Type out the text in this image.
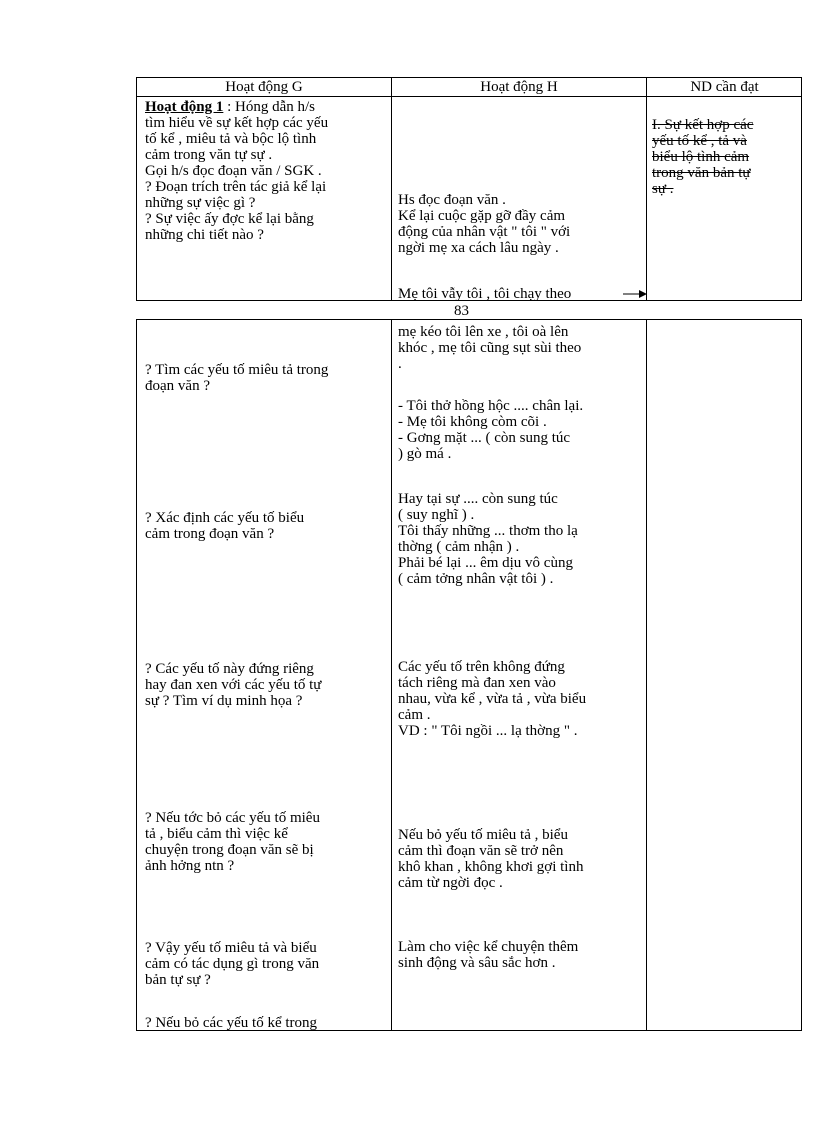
Hoạt động G	Hoạt động H	ND cần đạt
Hoạt động 1 : Hóng dẫn h/s
tìm hiểu về sự kết hợp các yếu
tố kể , miêu tả và bộc lộ tình
cảm trong văn tự sự .
Gọi h/s đọc đoạn văn / SGK .
? Đoạn trích trên tác giả kể lại
những sự việc gì ?
? Sự việc ấy đợc kể lại bằng
những chi tiết nào ?
Hs đọc đoạn văn .
Kể lại cuộc gặp gỡ đầy cảm
động của nhân vật " tôi " với
ngời mẹ xa cách lâu ngày .
Mẹ tôi vẫy tôi , tôi chạy theo
I. Sự kết hợp các
yếu tố kể , tả và
biểu lộ tình cảm
trong văn bản tự
sự .
83
? Tìm các yếu tố miêu tả trong
đoạn văn ?
? Xác định các yếu tố biểu
cảm trong đoạn văn ?
? Các yếu tố này đứng riêng
hay đan xen với các yếu tố tự
sự ? Tìm ví dụ minh họa ?
? Nếu tớc bỏ các yếu tố miêu
tả , biểu cảm thì việc kể
chuyện trong đoạn văn sẽ bị
ảnh hởng ntn ?
? Vậy yếu tố miêu tả và biểu
cảm có tác dụng gì trong văn
bản tự sự ?
? Nếu bỏ các yếu tố kể trong
mẹ kéo tôi lên xe , tôi oà lên
khóc , mẹ tôi cũng sụt sùi theo
.
- Tôi thở hồng hộc .... chân lại.
- Mẹ tôi không còm cõi .
- Gơng mặt ... ( còn sung túc
) gò má .
Hay tại sự .... còn sung túc
( suy nghĩ ) .
Tôi thấy những ... thơm tho lạ
thờng ( cảm nhận ) .
Phải bé lại ... êm dịu vô cùng
( cảm tởng nhân vật tôi ) .
Các yếu tố trên không đứng
tách riêng mà đan xen vào
nhau, vừa kể , vừa tả , vừa biểu
cảm .
VD : " Tôi ngồi ... lạ thờng " .
Nếu bỏ yếu tố miêu tả , biểu
cảm thì đoạn văn sẽ trở nên
khô khan , không khơi gợi tình
cảm từ ngời đọc .
Làm cho việc kể chuyện thêm
sinh động và sâu sắc hơn .
